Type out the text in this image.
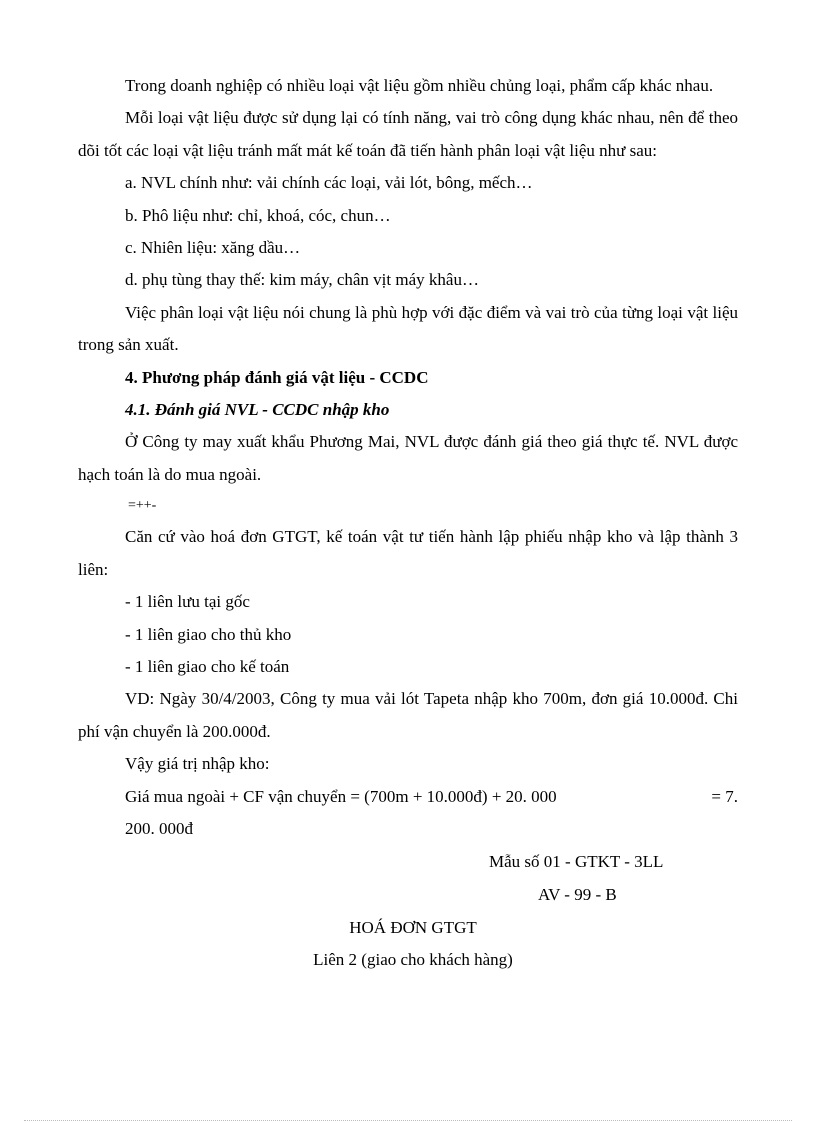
Trong doanh nghiệp có nhiều loại vật liệu gồm nhiều chủng loại, phẩm cấp khác nhau.

Mỗi loại vật liệu được sử dụng lại có tính năng, vai trò công dụng khác nhau, nên để theo dõi tốt các loại vật liệu tránh mất mát kế toán đã tiến hành phân loại vật liệu như sau:

a. NVL chính như: vải chính các loại, vải lót, bông, mếch…

b. Phô liệu như: chỉ, khoá, cóc, chun…

c. Nhiên liệu: xăng dầu…

d. phụ tùng thay thế: kim máy, chân vịt máy khâu…

Việc phân loại vật liệu nói chung là phù hợp với đặc điểm và vai trò của từng loại vật liệu trong sản xuất.

4. Phương pháp đánh giá vật liệu - CCDC

4.1. Đánh giá NVL - CCDC nhập kho

Ở Công ty may xuất khẩu Phương Mai, NVL được đánh giá theo giá thực tế. NVL được hạch toán là do mua ngoài.

=++-

Căn cứ vào hoá đơn GTGT, kế toán vật tư tiến hành lập phiếu nhập kho và lập thành 3 liên:

- 1 liên lưu tại gốc

- 1 liên giao cho thủ kho

- 1 liên giao cho kế toán

VD: Ngày 30/4/2003, Công ty mua vải lót Tapeta nhập kho 700m, đơn giá 10.000đ. Chi phí vận chuyển là 200.000đ.

Vậy giá trị nhập kho:

Giá mua ngoài + CF vận chuyển = (700m + 10.000đ) + 20. 000	= 7.

200. 000đ

Mẫu số 01 - GTKT - 3LL

AV - 99 - B

HOÁ ĐƠN GTGT

Liên 2 (giao cho khách hàng)
